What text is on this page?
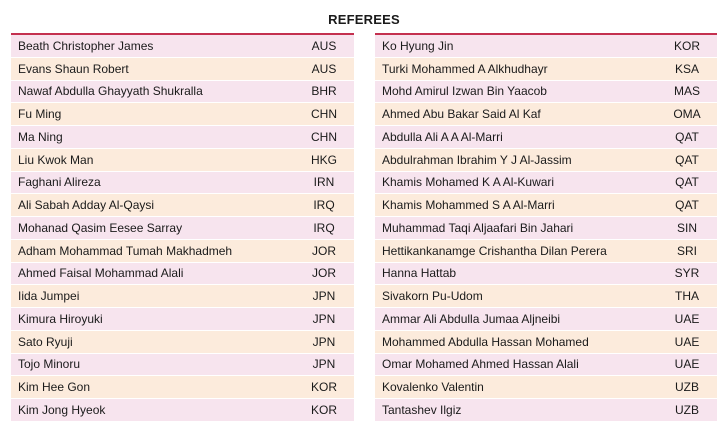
REFEREES
Beath Christopher James	AUS
Evans Shaun Robert	AUS
Nawaf Abdulla Ghayyath Shukralla	BHR
Fu Ming	CHN
Ma Ning	CHN
Liu Kwok Man	HKG
Faghani Alireza	IRN
Ali Sabah Adday Al-Qaysi	IRQ
Mohanad Qasim Eesee Sarray	IRQ
Adham Mohammad Tumah Makhadmeh	JOR
Ahmed Faisal Mohammad Alali	JOR
Iida Jumpei	JPN
Kimura Hiroyuki	JPN
Sato Ryuji	JPN
Tojo Minoru	JPN
Kim Hee Gon	KOR
Kim Jong Hyeok	KOR
Ko Hyung Jin	KOR
Turki Mohammed A Alkhudhayr	KSA
Mohd Amirul Izwan Bin Yaacob	MAS
Ahmed Abu Bakar Said Al Kaf	OMA
Abdulla Ali A A Al-Marri	QAT
Abdulrahman Ibrahim Y J Al-Jassim	QAT
Khamis Mohamed K A Al-Kuwari	QAT
Khamis Mohammed S A Al-Marri	QAT
Muhammad Taqi Aljaafari Bin Jahari	SIN
Hettikankanamge Crishantha Dilan Perera	SRI
Hanna Hattab	SYR
Sivakorn Pu-Udom	THA
Ammar Ali Abdulla Jumaa Aljneibi	UAE
Mohammed Abdulla Hassan Mohamed	UAE
Omar Mohamed Ahmed Hassan Alali	UAE
Kovalenko Valentin	UZB
Tantashev Ilgiz	UZB
